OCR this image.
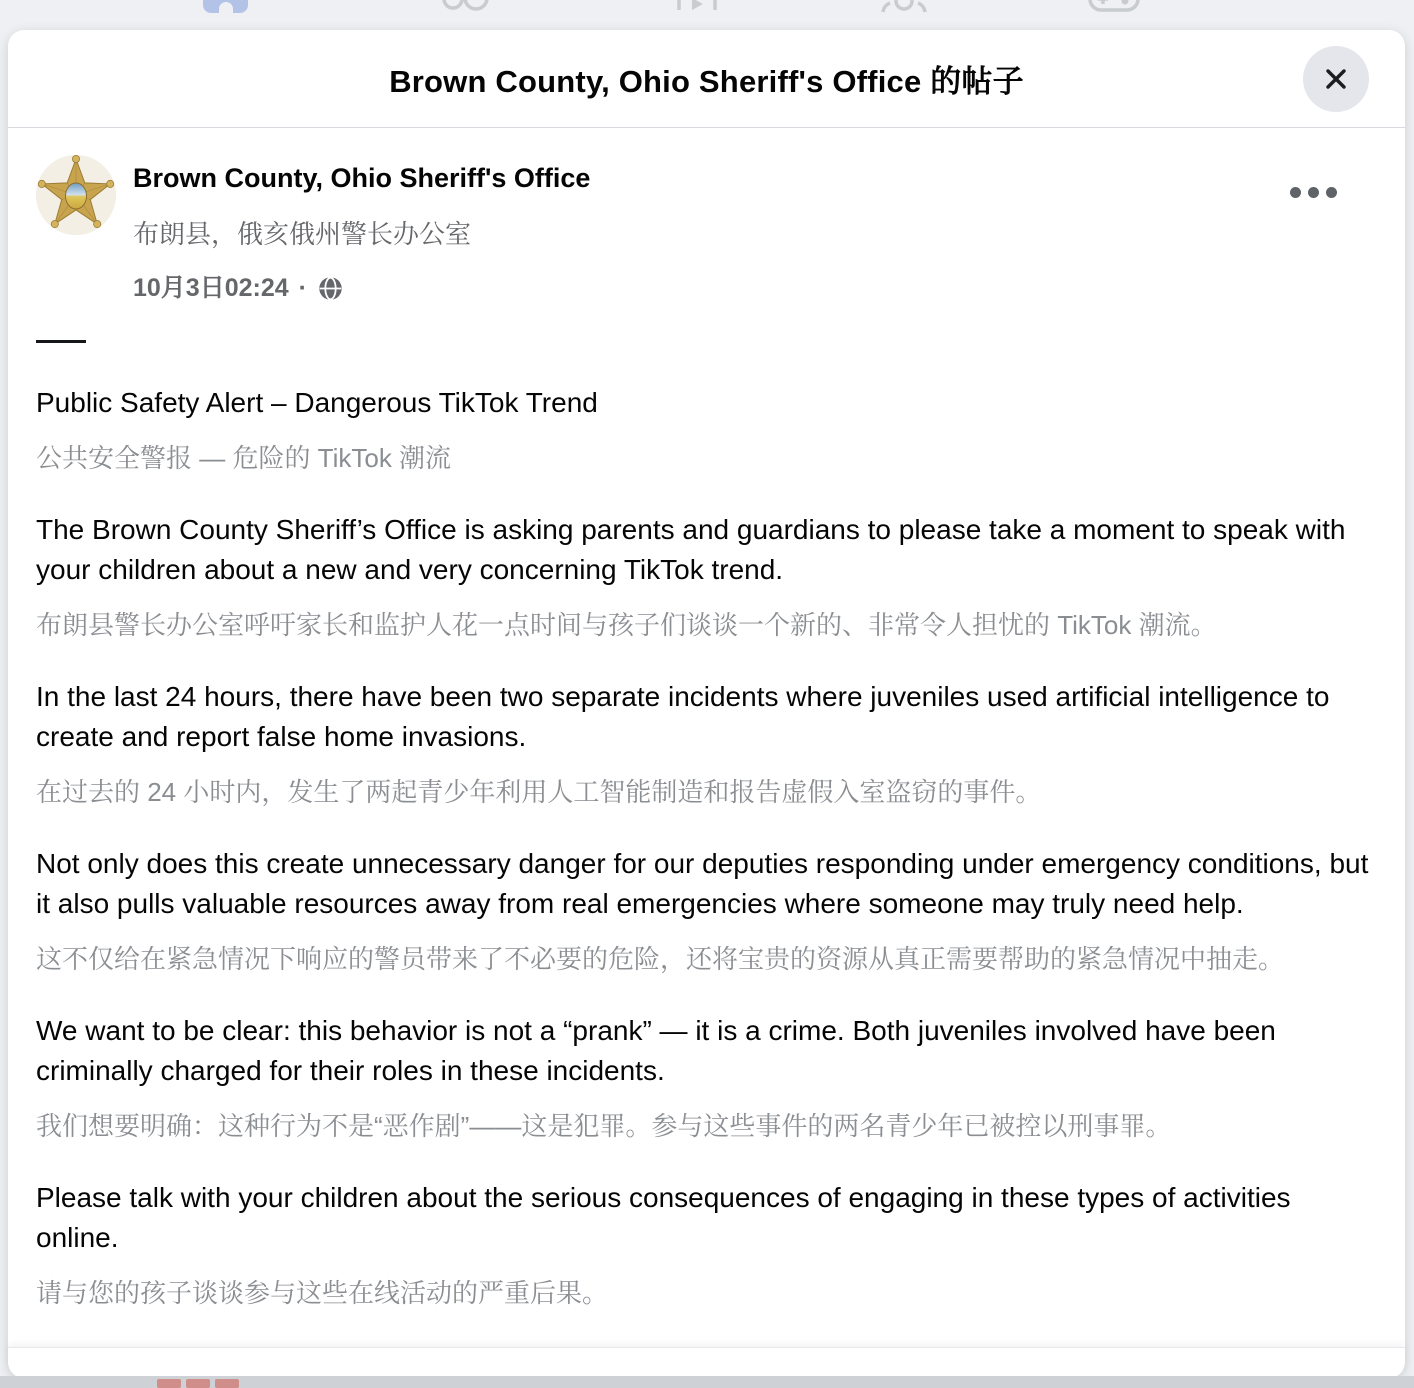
Brown County, Ohio Sheriff's Office 的帖子
Brown County, Ohio Sheriff's Office
布朗县，俄亥俄州警长办公室
10月3日02:24 ·

Public Safety Alert – Dangerous TikTok Trend

公共安全警报 — 危险的 TikTok 潮流

The Brown County Sheriff’s Office is asking parents and guardians to please take a moment to speak with your children about a new and very concerning TikTok trend.

布朗县警长办公室呼吁家长和监护人花一点时间与孩子们谈谈一个新的、非常令人担忧的 TikTok 潮流。

In the last 24 hours, there have been two separate incidents where juveniles used artificial intelligence to create and report false home invasions.

在过去的 24 小时内，发生了两起青少年利用人工智能制造和报告虚假入室盗窃的事件。

Not only does this create unnecessary danger for our deputies responding under emergency conditions, but it also pulls valuable resources away from real emergencies where someone may truly need help.

这不仅给在紧急情况下响应的警员带来了不必要的危险，还将宝贵的资源从真正需要帮助的紧急情况中抽走。

We want to be clear: this behavior is not a “prank” — it is a crime. Both juveniles involved have been criminally charged for their roles in these incidents.

我们想要明确：这种行为不是“恶作剧”——这是犯罪。参与这些事件的两名青少年已被控以刑事罪。

Please talk with your children about the serious consequences of engaging in these types of activities online.

请与您的孩子谈谈参与这些在线活动的严重后果。
